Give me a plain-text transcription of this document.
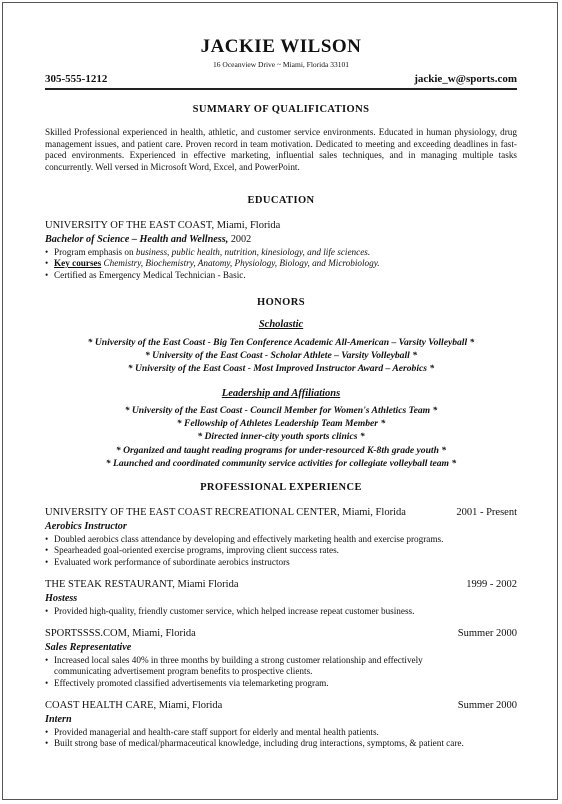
JACKIE WILSON
16 Oceanview Drive ~ Miami, Florida 33101
305-555-1212	jackie_w@sports.com
SUMMARY OF QUALIFICATIONS
Skilled Professional experienced in health, athletic, and customer service environments. Educated in human physiology, drug management issues, and patient care. Proven record in team motivation. Dedicated to meeting and exceeding deadlines in fast-paced environments. Experienced in effective marketing, influential sales techniques, and in managing multiple tasks concurrently. Well versed in Microsoft Word, Excel, and PowerPoint.
EDUCATION
UNIVERSITY OF THE EAST COAST, Miami, Florida
Bachelor of Science – Health and Wellness, 2002
• Program emphasis on business, public health, nutrition, kinesiology, and life sciences.
• Key courses Chemistry, Biochemistry, Anatomy, Physiology, Biology, and Microbiology.
• Certified as Emergency Medical Technician - Basic.
HONORS
Scholastic
* University of the East Coast - Big Ten Conference Academic All-American – Varsity Volleyball *
* University of the East Coast - Scholar Athlete – Varsity Volleyball *
* University of the East Coast - Most Improved Instructor Award – Aerobics *
Leadership and Affiliations
* University of the East Coast - Council Member for Women's Athletics Team *
* Fellowship of Athletes Leadership Team Member *
* Directed inner-city youth sports clinics *
* Organized and taught reading programs for under-resourced K-8th grade youth *
* Launched and coordinated community service activities for collegiate volleyball team *
PROFESSIONAL EXPERIENCE
UNIVERSITY OF THE EAST COAST RECREATIONAL CENTER, Miami, Florida	2001 - Present
Aerobics Instructor
• Doubled aerobics class attendance by developing and effectively marketing health and exercise programs.
• Spearheaded goal-oriented exercise programs, improving client success rates.
• Evaluated work performance of subordinate aerobics instructors
THE STEAK RESTAURANT, Miami Florida	1999 - 2002
Hostess
• Provided high-quality, friendly customer service, which helped increase repeat customer business.
SPORTSSSS.COM, Miami, Florida	Summer 2000
Sales Representative
• Increased local sales 40% in three months by building a strong customer relationship and effectively
communicating advertisement program benefits to prospective clients.
• Effectively promoted classified advertisements via telemarketing program.
COAST HEALTH CARE, Miami, Florida	Summer 2000
Intern
• Provided managerial and health-care staff support for elderly and mental health patients.
• Built strong base of medical/pharmaceutical knowledge, including drug interactions, symptoms, & patient care.
